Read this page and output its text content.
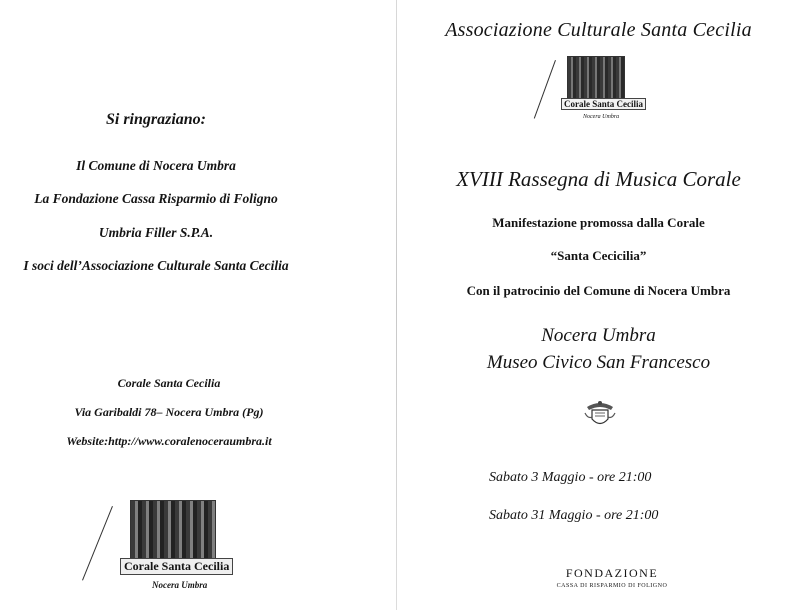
Si ringraziano:
Il Comune di Nocera Umbra
La Fondazione Cassa Risparmio di Foligno
Umbria Filler S.P.A.
I soci dell’Associazione Culturale Santa Cecilia
Corale Santa Cecilia
Via Garibaldi 78– Nocera Umbra (Pg)
Website:http://www.coralenoceraumbra.it
Corale Santa Cecilia
Nocera Umbra
Associazione Culturale Santa Cecilia
Corale Santa Cecilia
Nocera Umbra
XVIII Rassegna di Musica Corale
Manifestazione promossa dalla Corale
“Santa Cecicilia”
Con il patrocinio del Comune di Nocera Umbra
Nocera Umbra
Museo Civico San Francesco
Sabato 3 Maggio - ore 21:00
Sabato 31 Maggio - ore 21:00
FONDAZIONE
CASSA DI RISPARMIO DI FOLIGNO
